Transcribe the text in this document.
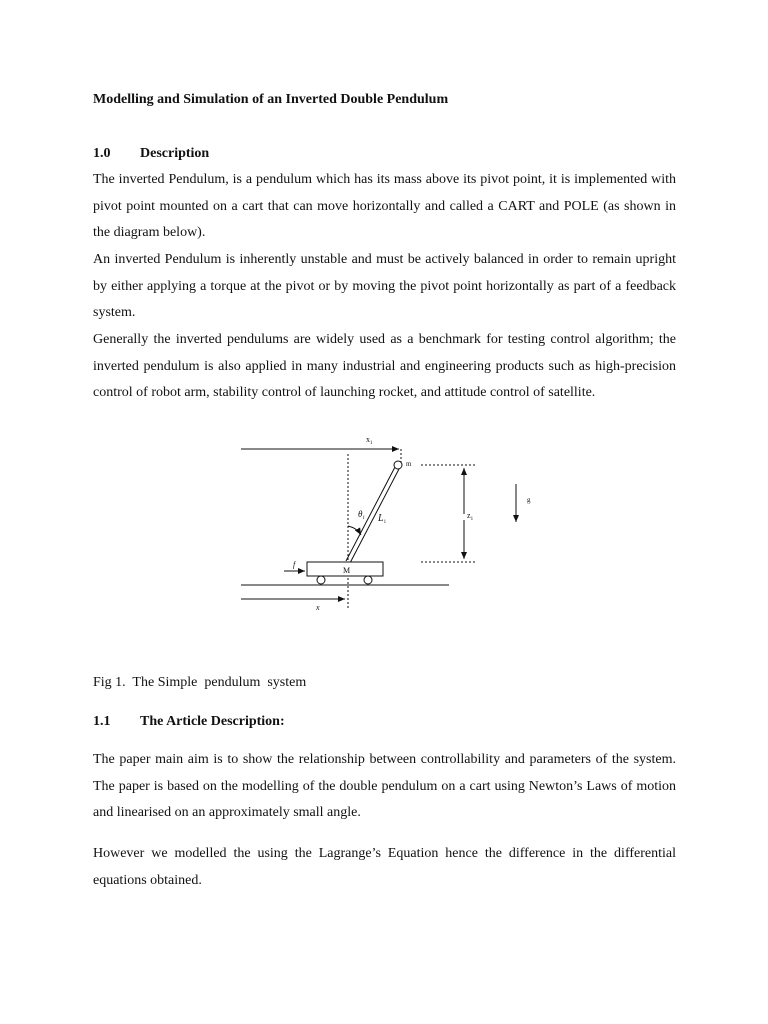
Modelling and Simulation of an Inverted Double Pendulum
1.0 Description

The inverted Pendulum, is a pendulum which has its mass above its pivot point, it is implemented with pivot point mounted on a cart that can move horizontally and called a CART and POLE (as shown in the diagram below).

An inverted Pendulum is inherently unstable and must be actively balanced in order to remain upright by either applying a torque at the pivot or by moving the pivot point horizontally as part of a feedback system.

Generally the inverted pendulums are widely used as a benchmark for testing control algorithm; the inverted pendulum is also applied in many industrial and engineering products such as high-precision control of robot arm, stability control of launching rocket, and attitude control of satellite.

1.1 The Article Description:

The paper main aim is to show the relationship between controllability and parameters of the system. The paper is based on the modelling of the double pendulum on a cart using Newton’s Laws of motion and linearised on an approximately small angle.

However we modelled the using the Lagrange’s Equation hence the difference in the differential equations obtained.

$x_1$
m
$z_1$
g
$\theta_1$ $L_1$
f
M
x
Fig 1.  The Simple  pendulum  system
